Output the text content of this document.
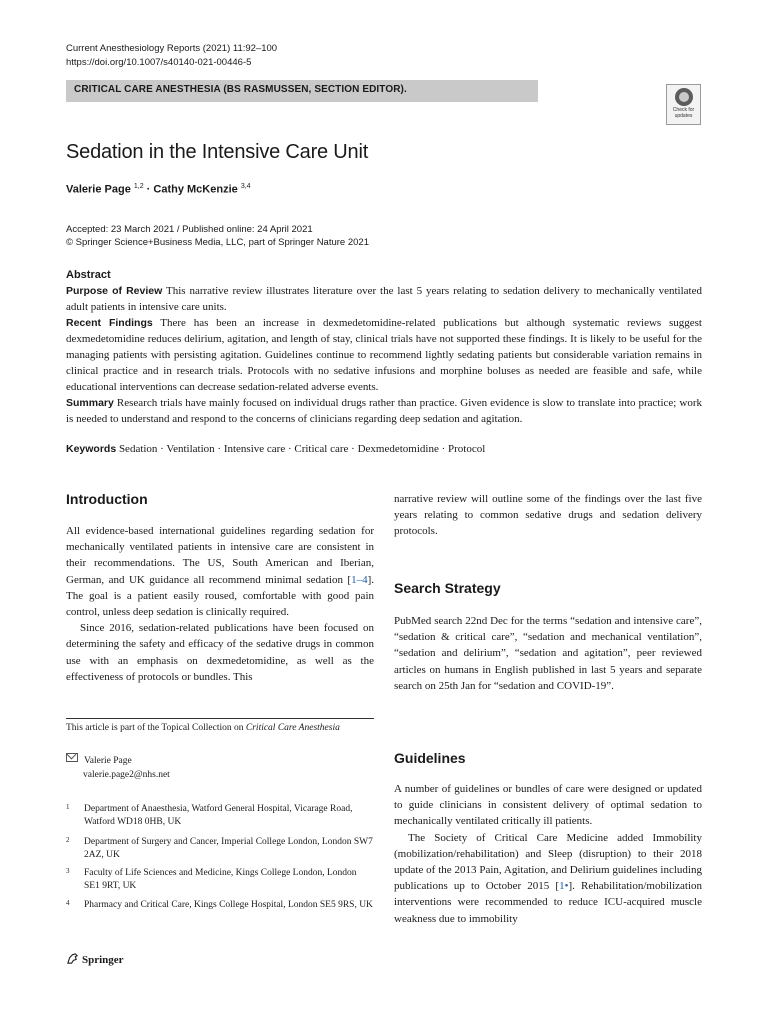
Current Anesthesiology Reports (2021) 11:92–100
https://doi.org/10.1007/s40140-021-00446-5
CRITICAL CARE ANESTHESIA (BS RASMUSSEN, SECTION EDITOR).
Check for updates
Sedation in the Intensive Care Unit
Valerie Page $^{1,2}$ · Cathy McKenzie $^{3,4}$
Accepted: 23 March 2021 / Published online: 24 April 2021
© Springer Science+Business Media, LLC, part of Springer Nature 2021
Abstract
Purpose of Review This narrative review illustrates literature over the last 5 years relating to sedation delivery to mechanically ventilated adult patients in intensive care units.
Recent Findings There has been an increase in dexmedetomidine-related publications but although systematic reviews suggest dexmedetomidine reduces delirium, agitation, and length of stay, clinical trials have not supported these findings. It is likely to be useful for the managing patients with persisting agitation. Guidelines continue to recommend lightly sedating patients but considerable variation remains in clinical practice and in research trials. Protocols with no sedative infusions and morphine boluses as needed are feasible and safe, while educational interventions can decrease sedation-related adverse events.
Summary Research trials have mainly focused on individual drugs rather than practice. Given evidence is slow to translate into practice; work is needed to understand and respond to the concerns of clinicians regarding deep sedation and agitation.
Keywords Sedation · Ventilation · Intensive care · Critical care · Dexmedetomidine · Protocol
Introduction

All evidence-based international guidelines regarding sedation for mechanically ventilated patients in intensive care are consistent in their recommendations. The US, South American and Iberian, German, and UK guidance all recommend minimal sedation [1–4]. The goal is a patient easily roused, comfortable with good pain control, unless deep sedation is clinically required.

Since 2016, sedation-related publications have been focused on determining the safety and efficacy of the sedative drugs in common use with an emphasis on dexmedetomidine, as well as the effectiveness of protocols or bundles. This

This article is part of the Topical Collection on Critical Care Anesthesia
Valerie Page
valerie.page2@nhs.net
1 Department of Anaesthesia, Watford General Hospital, Vicarage Road, Watford WD18 0HB, UK
2 Department of Surgery and Cancer, Imperial College London, London SW7 2AZ, UK
3 Faculty of Life Sciences and Medicine, Kings College London, London SE1 9RT, UK
4 Pharmacy and Critical Care, Kings College Hospital, London SE5 9RS, UK
narrative review will outline some of the findings over the last five years relating to common sedative drugs and sedation delivery protocols.
Search Strategy
PubMed search 22nd Dec for the terms “sedation and intensive care”, “sedation & critical care”, “sedation and mechanical ventilation”, “sedation and delirium”, “sedation and agitation”, peer reviewed articles on humans in English published in last 5 years and separate search on 25th Jan for “sedation and COVID-19”.
Guidelines

A number of guidelines or bundles of care were designed or updated to guide clinicians in consistent delivery of optimal sedation to mechanically ventilated critically ill patients.

The Society of Critical Care Medicine added Immobility (mobilization/rehabilitation) and Sleep (disruption) to their 2018 update of the 2013 Pain, Agitation, and Delirium guidelines including publications up to October 2015 [1•]. Rehabilitation/mobilization interventions were recommended to reduce ICU-acquired muscle weakness due to immobility

Springer
